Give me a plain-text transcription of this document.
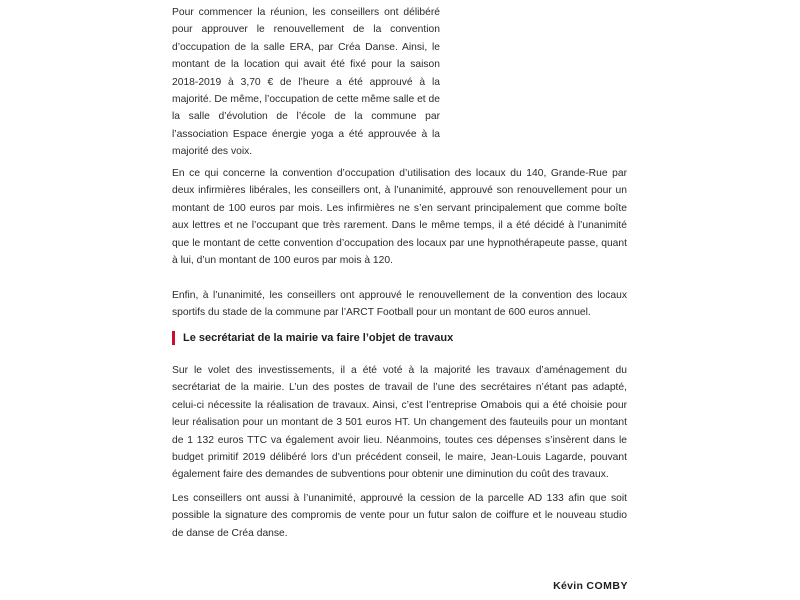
Pour commencer la réunion, les conseillers ont délibéré pour approuver le renouvellement de la convention d’occupation de la salle ERA, par Créa Danse. Ainsi, le montant de la location qui avait été fixé pour la saison 2018-2019 à 3,70 € de l’heure a été approuvé à la majorité. De même, l’occupation de cette même salle et de la salle d’évolution de l’école de la commune par l’association Espace énergie yoga a été approuvée à la majorité des voix.

En ce qui concerne la convention d’occupation d’utilisation des locaux du 140, Grande-Rue par deux infirmières libérales, les conseillers ont, à l’unanimité, approuvé son renouvellement pour un montant de 100 euros par mois. Les infirmières ne s’en servant principalement que comme boîte aux lettres et ne l’occupant que très rarement. Dans le même temps, il a été décidé à l’unanimité que le montant de cette convention d’occupation des locaux par une hypnothérapeute passe, quant à lui, d’un montant de 100 euros par mois à 120.

Enfin, à l’unanimité, les conseillers ont approuvé le renouvellement de la convention des locaux sportifs du stade de la commune par l’ARCT Football pour un montant de 600 euros annuel.

Le secrétariat de la mairie va faire l’objet de travaux

Sur le volet des investissements, il a été voté à la majorité les travaux d’aménagement du secrétariat de la mairie. L’un des postes de travail de l’une des secrétaires n’étant pas adapté, celui-ci nécessite la réalisation de travaux. Ainsi, c’est l’entreprise Omabois qui a été choisie pour leur réalisation pour un montant de 3 501 euros HT. Un changement des fauteuils pour un montant de 1 132 euros TTC va également avoir lieu. Néanmoins, toutes ces dépenses s’insèrent dans le budget primitif 2019 délibéré lors d’un précédent conseil, le maire, Jean-Louis Lagarde, pouvant également faire des demandes de subventions pour obtenir une diminution du coût des travaux.

Les conseillers ont aussi à l’unanimité, approuvé la cession de la parcelle AD 133 afin que soit possible la signature des compromis de vente pour un futur salon de coiffure et le nouveau studio de danse de Créa danse.

Kévin COMBY
